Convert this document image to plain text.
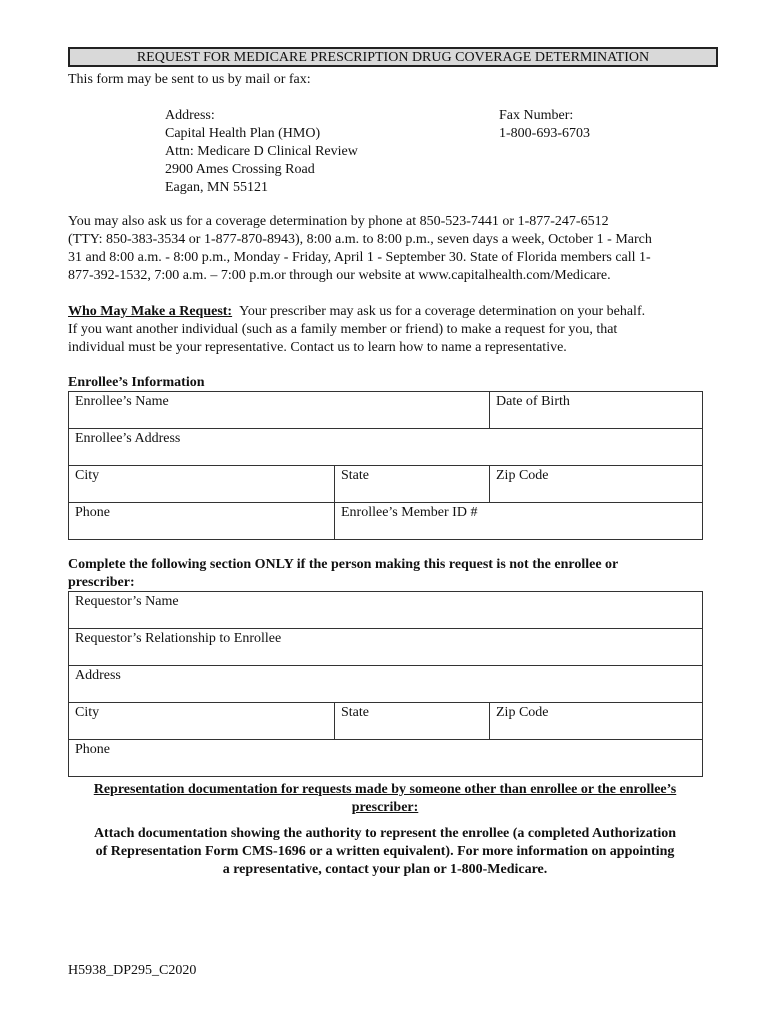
REQUEST FOR MEDICARE PRESCRIPTION DRUG COVERAGE DETERMINATION
This form may be sent to us by mail or fax:
Address:
Capital Health Plan (HMO)
Attn: Medicare D Clinical Review
2900 Ames Crossing Road
Eagan, MN 55121
Fax Number:
1-800-693-6703
You may also ask us for a coverage determination by phone at 850-523-7441 or 1-877-247-6512
(TTY: 850-383-3534 or 1-877-870-8943), 8:00 a.m. to 8:00 p.m., seven days a week, October 1 - March
31 and 8:00 a.m. - 8:00 p.m., Monday - Friday, April 1 - September 30. State of Florida members call 1-
877-392-1532, 7:00 a.m. – 7:00 p.m.or through our website at www.capitalhealth.com/Medicare.
Who May Make a Request: Your prescriber may ask us for a coverage determination on your behalf.
If you want another individual (such as a family member or friend) to make a request for you, that
individual must be your representative. Contact us to learn how to name a representative.
Enrollee’s Information
Enrollee’s Name		Date of Birth
Enrollee’s Address		
City	State	Zip Code
Phone	Enrollee’s Member ID #	
Complete the following section ONLY if the person making this request is not the enrollee or
prescriber:
Requestor’s Name
Requestor’s Relationship to Enrollee
Address
City	State	Zip Code
Phone
Representation documentation for requests made by someone other than enrollee or the enrollee’s
prescriber:
Attach documentation showing the authority to represent the enrollee (a completed Authorization
of Representation Form CMS-1696 or a written equivalent). For more information on appointing
a representative, contact your plan or 1-800-Medicare.
H5938_DP295_C2020
